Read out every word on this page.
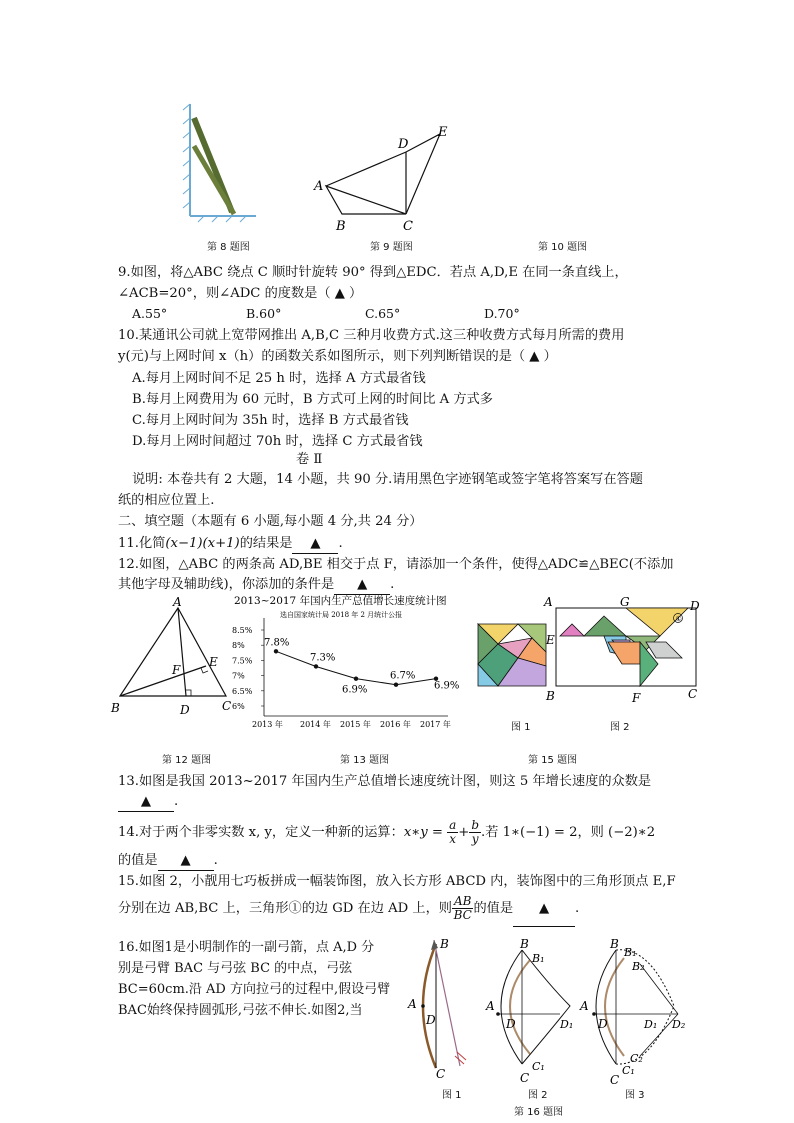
第 8 题图
A
B	C
D
E
第 9 题图	第 10 题图
9.如图，将△ABC 绕点 C 顺时针旋转 90° 得到△EDC．若点 A,D,E 在同一条直线上，
∠ACB=20°，则∠ADC 的度数是（ ▲ ）
A.55°	B.60°	C.65°	D.70°
10.某通讯公司就上宽带网推出 A,B,C 三种月收费方式.这三种收费方式每月所需的费用
y(元)与上网时间 x（h）的函数关系如图所示，则下列判断错误的是（ ▲ ）
A.每月上网时间不足 25 h 时，选择 A 方式最省钱
B.每月上网费用为 60 元时，B 方式可上网的时间比 A 方式多
C.每月上网时间为 35h 时，选择 B 方式最省钱
D.每月上网时间超过 70h 时，选择 C 方式最省钱
卷 Ⅱ
说明: 本卷共有 2 大题，14 小题，共 90 分.请用黑色字迹钢笔或签字笔将答案写在答题
纸的相应位置上.
二、填空题（本题有 6 小题,每小题 4 分,共 24 分）
11.化简(x−1)(x+1)的结果是 ▲ .
12.如图，△ABC 的两条高 AD,BE 相交于点 F，请添加一个条件，使得△ADC≌△BEC(不添加
其他字母及辅助线)，你添加的条件是 ▲ .
A
B	C
D
E
F
2013~2017 年国内生产总值增长速度统计图
选自国家统计局 2018 年 2 月统计公报
8.5%
8%
7.5%
7%
6.5%
6%
2013 年 2014 年 2015 年 2016 年 2017 年
7.8%
7.3%
6.9%
6.7%
6.9%
①
A	G	D
E
B	F	C
图 1	图 2
第 12 题图	第 13 题图	第 15 题图
13.如图是我国 2013~2017 年国内生产总值增长速度统计图，则这 5 年增长速度的众数是
▲ .
14.对于两个非零实数 x, y，定义一种新的运算：x∗y = $\frac{a}{x} + \frac{b}{y}$ .若 1∗(−1) = 2，则 (−2)∗2
的值是 ▲ .
15.如图 2，小靓用七巧板拼成一幅装饰图，放入长方形 ABCD 内，装饰图中的三角形顶点 E,F
分别在边 AB,BC 上，三角形①的边 GD 在边 AD 上，则 $\frac{AB}{BC}$ 的值是 ▲ .
16.如图1是小明制作的一副弓箭，点 A,D 分
别是弓臂 BAC 与弓弦 BC 的中点，弓弦
BC=60cm.沿 AD 方向拉弓的过程中,假设弓臂
BAC始终保持圆弧形,弓弦不伸长.如图2,当
B
A
D
C
B
B₁
A
D	D₁
C₁
C
B
B₁
B₂
A
D	D₁ D₂
C₂
C₁
C
图 1	图 2	图 3
第 16 题图
